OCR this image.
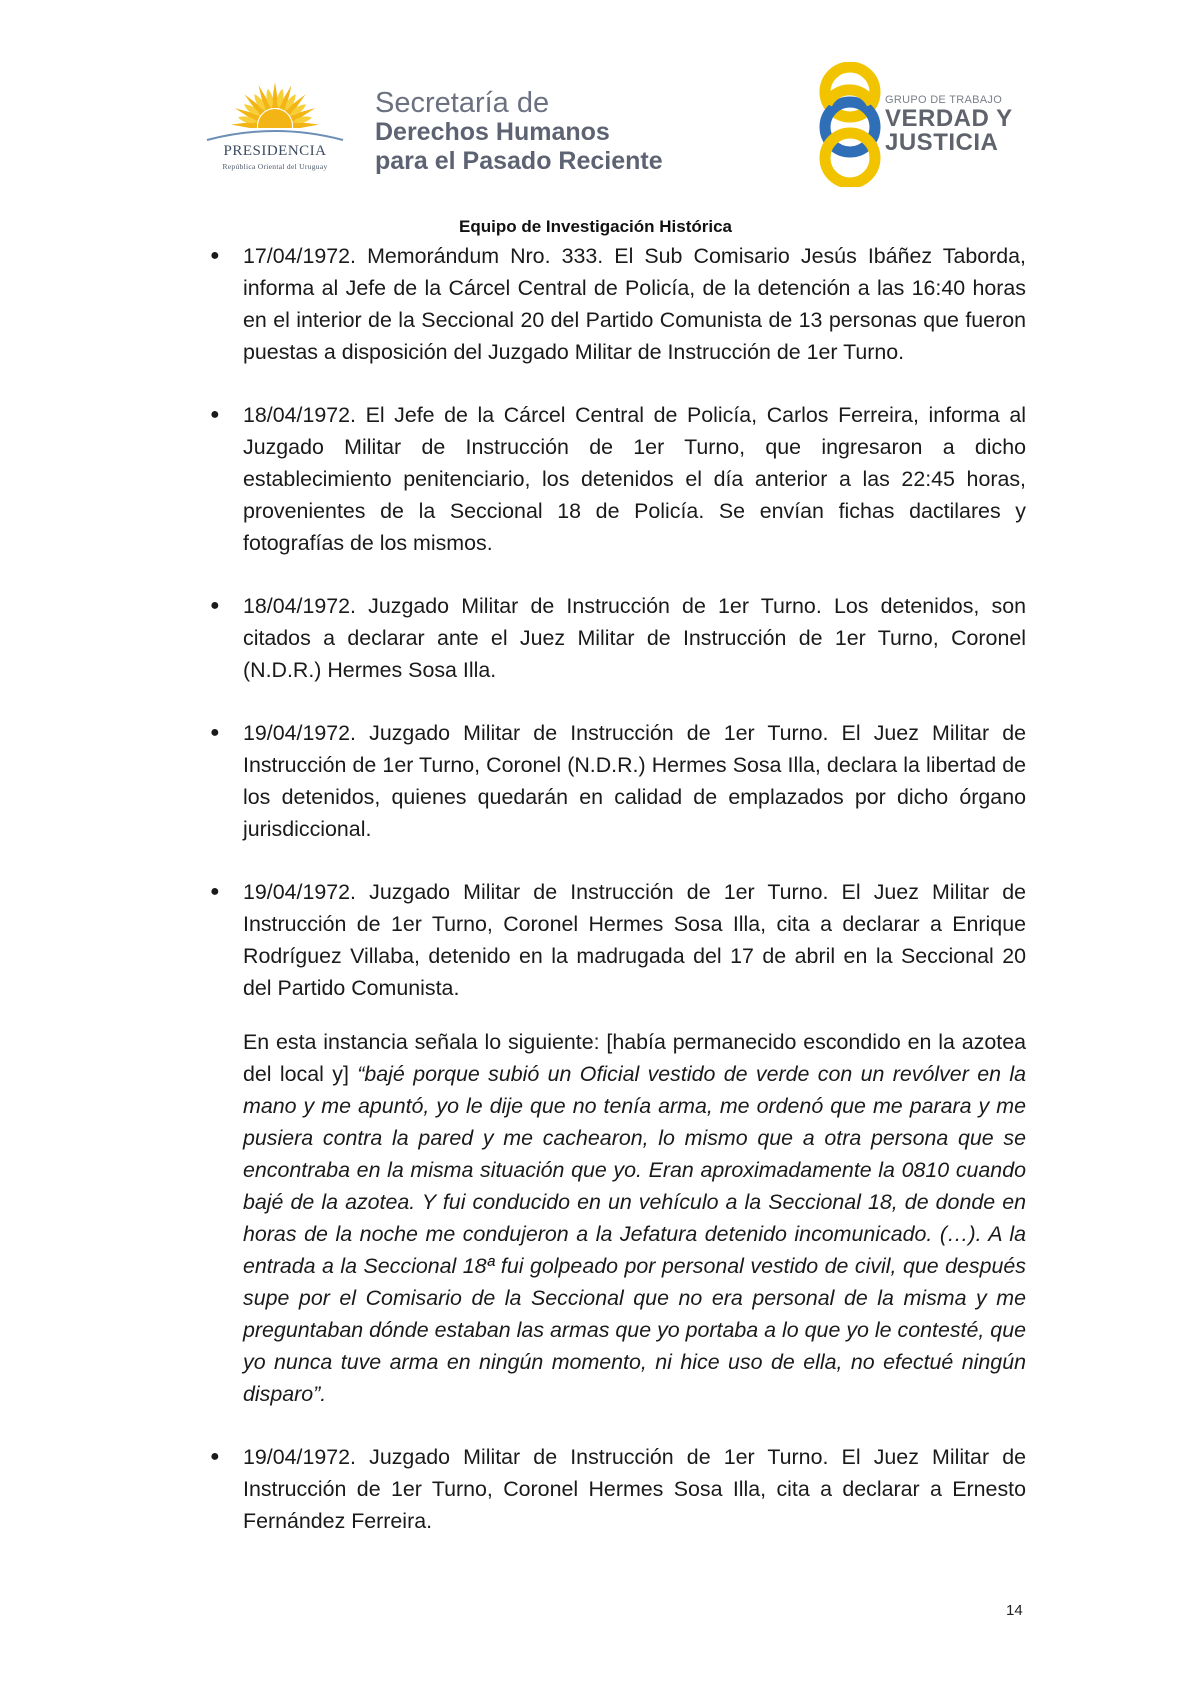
PRESIDENCIA
República Oriental del Uruguay
Secretaría de
Derechos Humanos
para el Pasado Reciente
GRUPO DE TRABAJO
VERDAD Y
JUSTICIA
Equipo de Investigación Histórica
● 17/04/1972. Memorándum Nro. 333. El Sub Comisario Jesús Ibáñez Taborda, informa al Jefe de la Cárcel Central de Policía, de la detención a las 16:40 horas en el interior de la Seccional 20 del Partido Comunista de 13 personas que fueron puestas a disposición del Juzgado Militar de Instrucción de 1er Turno.

● 18/04/1972. El Jefe de la Cárcel Central de Policía, Carlos Ferreira, informa al Juzgado Militar de Instrucción de 1er Turno, que ingresaron a dicho establecimiento penitenciario, los detenidos el día anterior a las 22:45 horas, provenientes de la Seccional 18 de Policía. Se envían fichas dactilares y fotografías de los mismos.

● 18/04/1972. Juzgado Militar de Instrucción de 1er Turno. Los detenidos, son citados a declarar ante el Juez Militar de Instrucción de 1er Turno, Coronel (N.D.R.) Hermes Sosa Illa.

● 19/04/1972. Juzgado Militar de Instrucción de 1er Turno. El Juez Militar de Instrucción de 1er Turno, Coronel (N.D.R.) Hermes Sosa Illa, declara la libertad de los detenidos, quienes quedarán en calidad de emplazados por dicho órgano jurisdiccional.

● 19/04/1972. Juzgado Militar de Instrucción de 1er Turno. El Juez Militar de Instrucción de 1er Turno, Coronel Hermes Sosa Illa, cita a declarar a Enrique Rodríguez Villaba, detenido en la madrugada del 17 de abril en la Seccional 20 del Partido Comunista.

En esta instancia señala lo siguiente: [había permanecido escondido en la azotea del local y] “bajé porque subió un Oficial vestido de verde con un revólver en la mano y me apuntó, yo le dije que no tenía arma, me ordenó que me parara y me pusiera contra la pared y me cachearon, lo mismo que a otra persona que se encontraba en la misma situación que yo. Eran aproximadamente la 0810 cuando bajé de la azotea. Y fui conducido en un vehículo a la Seccional 18, de donde en horas de la noche me condujeron a la Jefatura detenido incomunicado. (…). A la entrada a la Seccional 18ª fui golpeado por personal vestido de civil, que después supe por el Comisario de la Seccional que no era personal de la misma y me preguntaban dónde estaban las armas que yo portaba a lo que yo le contesté, que yo nunca tuve arma en ningún momento, ni hice uso de ella, no efectué ningún disparo”.

● 19/04/1972. Juzgado Militar de Instrucción de 1er Turno. El Juez Militar de Instrucción de 1er Turno, Coronel Hermes Sosa Illa, cita a declarar a Ernesto Fernández Ferreira.

14
